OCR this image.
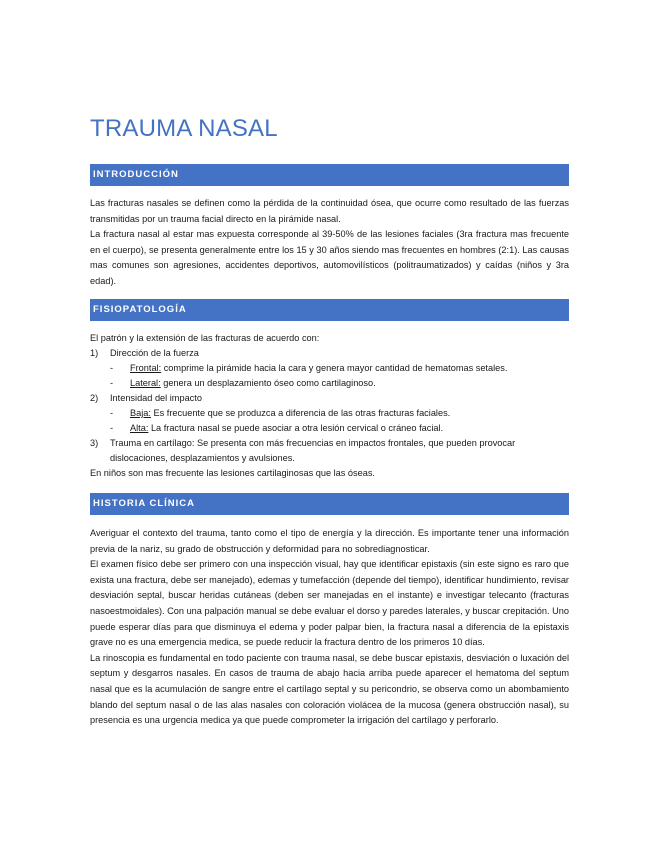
TRAUMA NASAL
INTRODUCCIÓN

Las fracturas nasales se definen como la pérdida de la continuidad ósea, que ocurre como resultado de las fuerzas transmitidas por un trauma facial directo en la pirámide nasal.

La fractura nasal al estar mas expuesta corresponde al 39-50% de las lesiones faciales (3ra fractura mas frecuente en el cuerpo), se presenta generalmente entre los 15 y 30 años siendo mas frecuentes en hombres (2:1). Las causas mas comunes son agresiones, accidentes deportivos, automovilísticos (politraumatizados) y caídas (niños y 3ra edad).

FISIOPATOLOGÍA
El patrón y la extensión de las fracturas de acuerdo con:
1) Dirección de la fuerza
- Frontal: comprime la pirámide hacia la cara y genera mayor cantidad de hematomas setales.
- Lateral: genera un desplazamiento óseo como cartilaginoso.
2) Intensidad del impacto
- Baja: Es frecuente que se produzca a diferencia de las otras fracturas faciales.
- Alta: La fractura nasal se puede asociar a otra lesión cervical o cráneo facial.
3) Trauma en cartílago: Se presenta con más frecuencias en impactos frontales, que pueden provocar
dislocaciones, desplazamientos y avulsiones.
En niños son mas frecuente las lesiones cartilaginosas que las óseas.
HISTORIA CLÍNICA

Averiguar el contexto del trauma, tanto como el tipo de energía y la dirección. Es importante tener una información previa de la nariz, su grado de obstrucción y deformidad para no sobrediagnosticar.

El examen físico debe ser primero con una inspección visual, hay que identificar epistaxis (sin este signo es raro que exista una fractura, debe ser manejado), edemas y tumefacción (depende del tiempo), identificar hundimiento, revisar desviación septal, buscar heridas cutáneas (deben ser manejadas en el instante) e investigar telecanto (fracturas nasoestmoidales). Con una palpación manual se debe evaluar el dorso y paredes laterales, y buscar crepitación. Uno puede esperar días para que disminuya el edema y poder palpar bien, la fractura nasal a diferencia de la epistaxis grave no es una emergencia medica, se puede reducir la fractura dentro de los primeros 10 días.

La rinoscopia es fundamental en todo paciente con trauma nasal, se debe buscar epistaxis, desviación o luxación del septum y desgarros nasales. En casos de trauma de abajo hacia arriba puede aparecer el hematoma del septum nasal que es la acumulación de sangre entre el cartílago septal y su pericondrio, se observa como un abombamiento blando del septum nasal o de las alas nasales con coloración violácea de la mucosa (genera obstrucción nasal), su presencia es una urgencia medica ya que puede comprometer la irrigación del cartílago y perforarlo.
